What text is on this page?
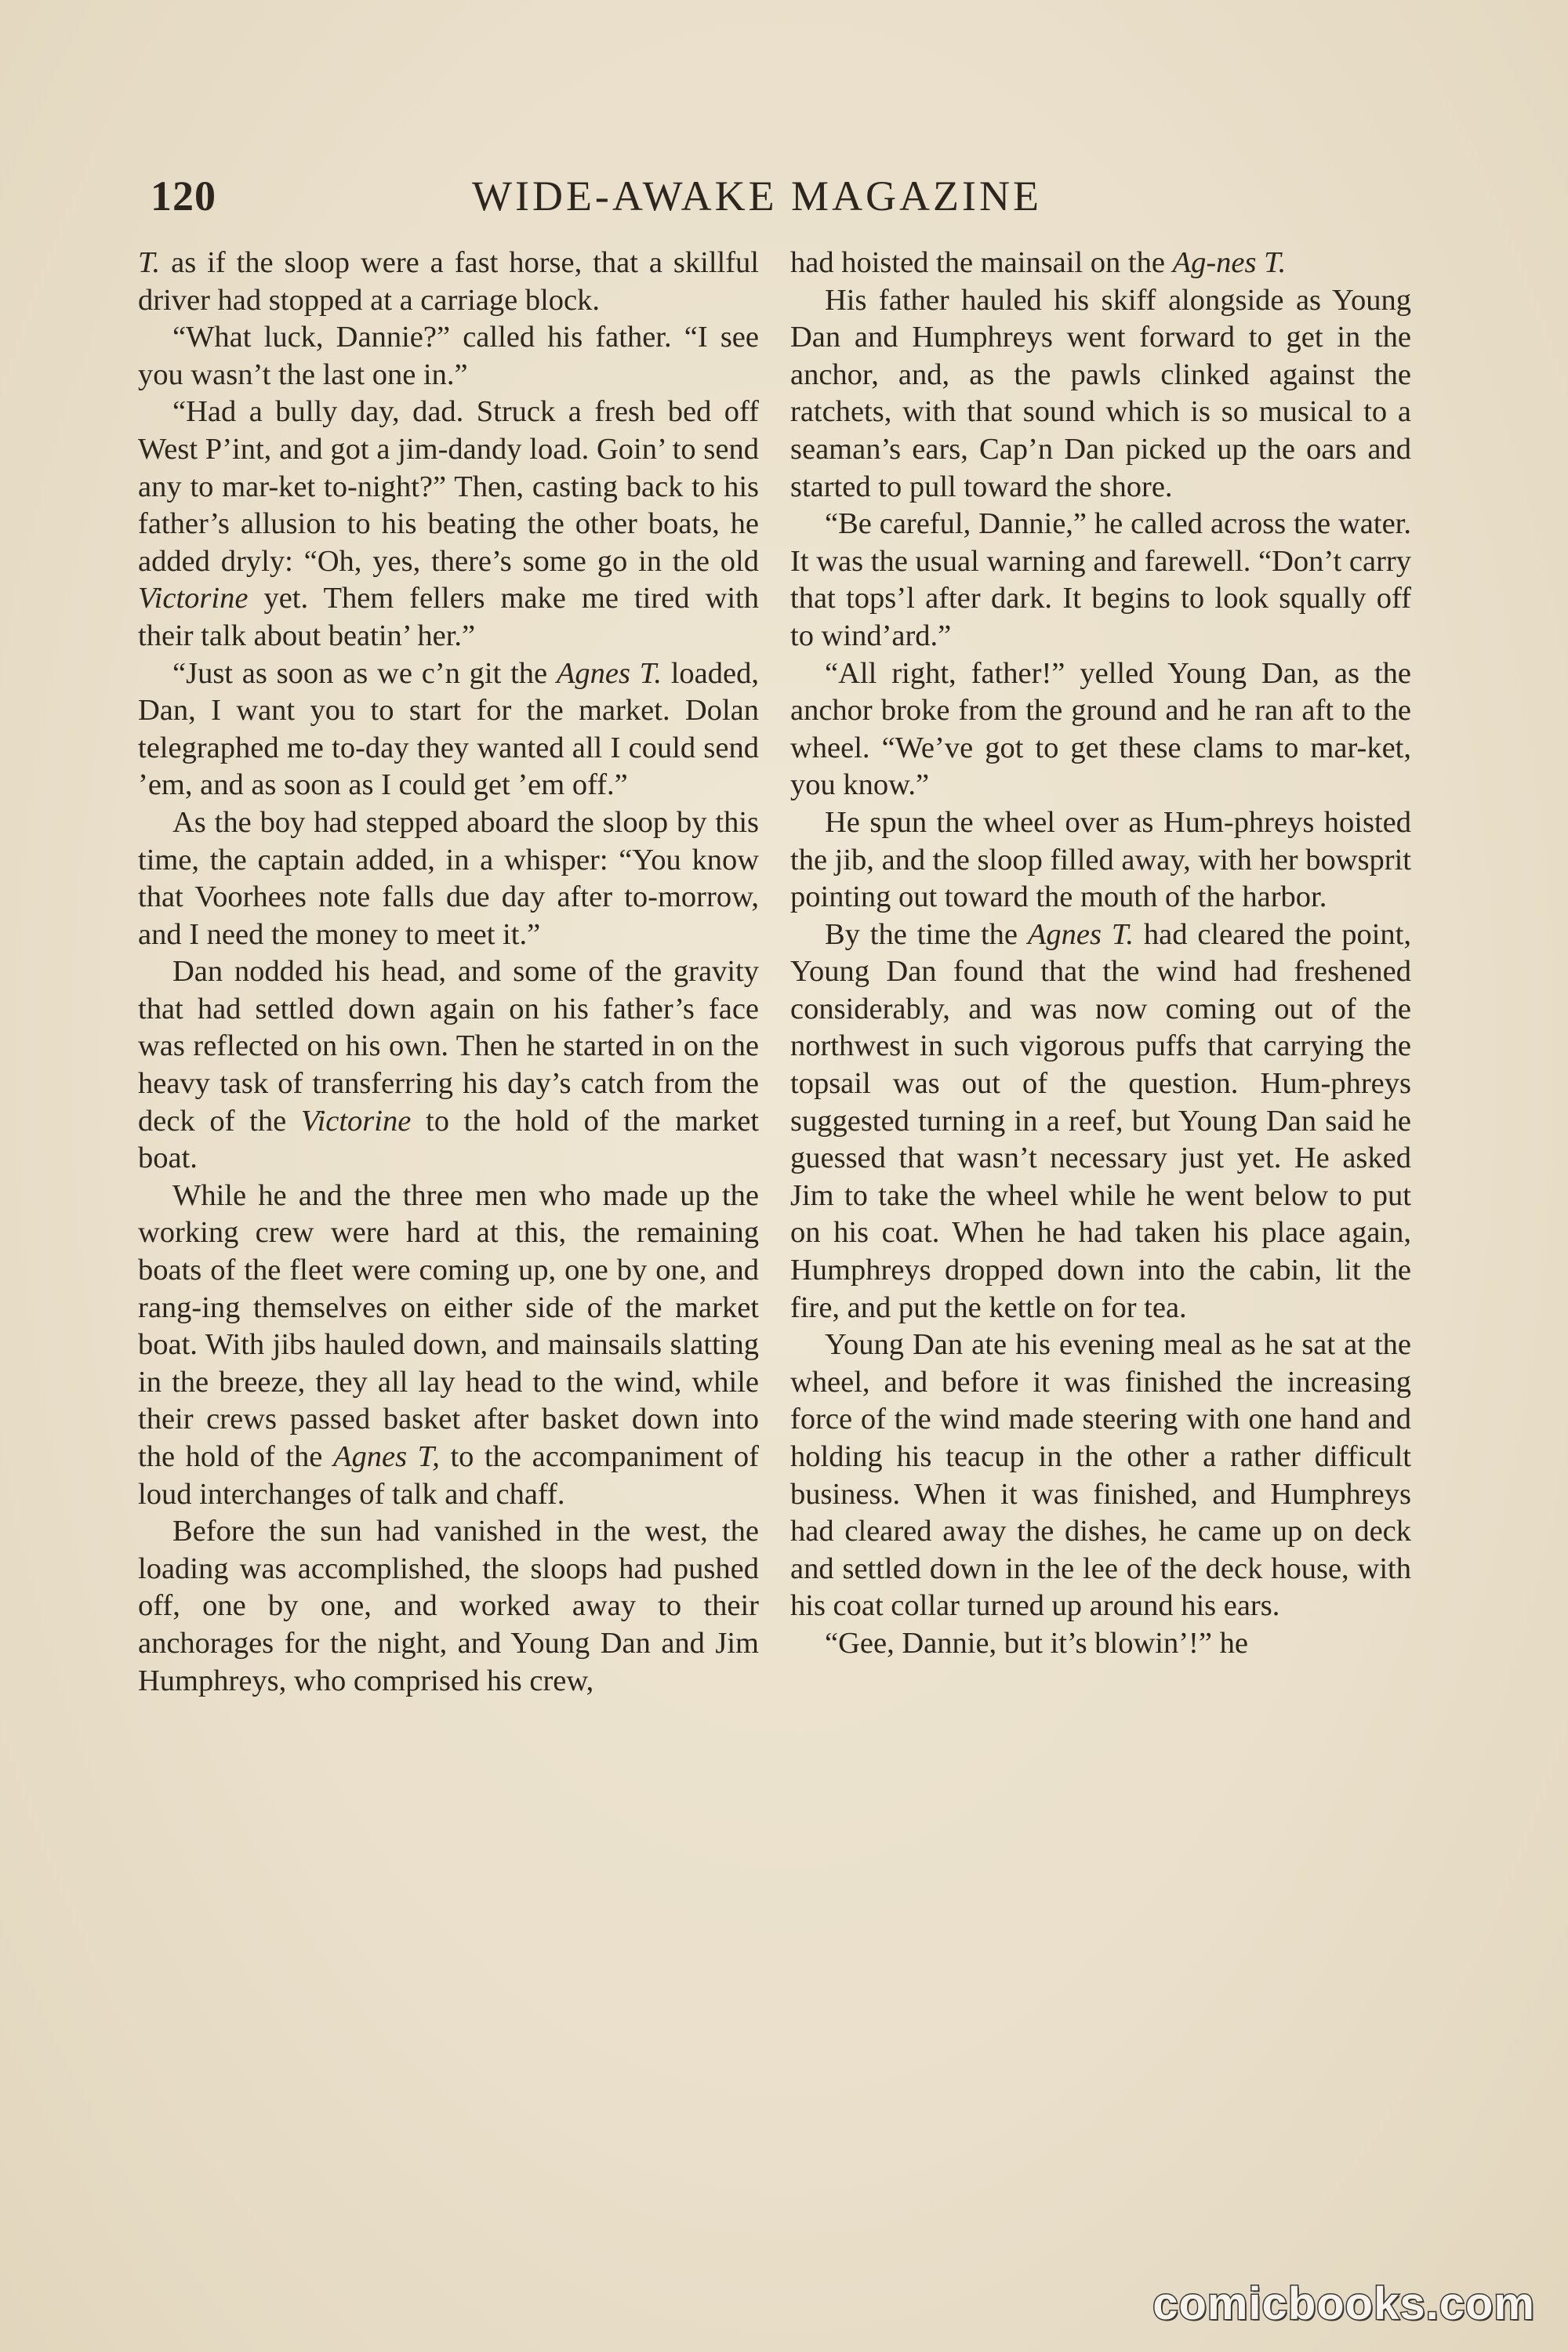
120	WIDE-AWAKE MAGAZINE

T. as if the sloop were a fast horse, that a skillful driver had stopped at a carriage block.

“What luck, Dannie?” called his father. “I see you wasn’t the last one in.”

“Had a bully day, dad. Struck a fresh bed off West P’int, and got a jim-dandy load. Goin’ to send any to mar-ket to-night?” Then, casting back to his father’s allusion to his beating the other boats, he added dryly: “Oh, yes, there’s some go in the old Victorine yet. Them fellers make me tired with their talk about beatin’ her.”

“Just as soon as we c’n git the Agnes T. loaded, Dan, I want you to start for the market. Dolan telegraphed me to-day they wanted all I could send ’em, and as soon as I could get ’em off.”

As the boy had stepped aboard the sloop by this time, the captain added, in a whisper: “You know that Voorhees note falls due day after to-morrow, and I need the money to meet it.”

Dan nodded his head, and some of the gravity that had settled down again on his father’s face was reflected on his own. Then he started in on the heavy task of transferring his day’s catch from the deck of the Victorine to the hold of the market boat.

While he and the three men who made up the working crew were hard at this, the remaining boats of the fleet were coming up, one by one, and rang-ing themselves on either side of the market boat. With jibs hauled down, and mainsails slatting in the breeze, they all lay head to the wind, while their crews passed basket after basket down into the hold of the Agnes T, to the accompaniment of loud interchanges of talk and chaff.

Before the sun had vanished in the west, the loading was accomplished, the sloops had pushed off, one by one, and worked away to their anchorages for the night, and Young Dan and Jim Humphreys, who comprised his crew,

had hoisted the mainsail on the Ag-nes T.

His father hauled his skiff alongside as Young Dan and Humphreys went forward to get in the anchor, and, as the pawls clinked against the ratchets, with that sound which is so musical to a seaman’s ears, Cap’n Dan picked up the oars and started to pull toward the shore.

“Be careful, Dannie,” he called across the water. It was the usual warning and farewell. “Don’t carry that tops’l after dark. It begins to look squally off to wind’ard.”

“All right, father!” yelled Young Dan, as the anchor broke from the ground and he ran aft to the wheel. “We’ve got to get these clams to mar-ket, you know.”

He spun the wheel over as Hum-phreys hoisted the jib, and the sloop filled away, with her bowsprit pointing out toward the mouth of the harbor.

By the time the Agnes T. had cleared the point, Young Dan found that the wind had freshened considerably, and was now coming out of the northwest in such vigorous puffs that carrying the topsail was out of the question. Hum-phreys suggested turning in a reef, but Young Dan said he guessed that wasn’t necessary just yet. He asked Jim to take the wheel while he went below to put on his coat. When he had taken his place again, Humphreys dropped down into the cabin, lit the fire, and put the kettle on for tea.

Young Dan ate his evening meal as he sat at the wheel, and before it was finished the increasing force of the wind made steering with one hand and holding his teacup in the other a rather difficult business. When it was finished, and Humphreys had cleared away the dishes, he came up on deck and settled down in the lee of the deck house, with his coat collar turned up around his ears.

“Gee, Dannie, but it’s blowin’!” he

comicbooks.com
